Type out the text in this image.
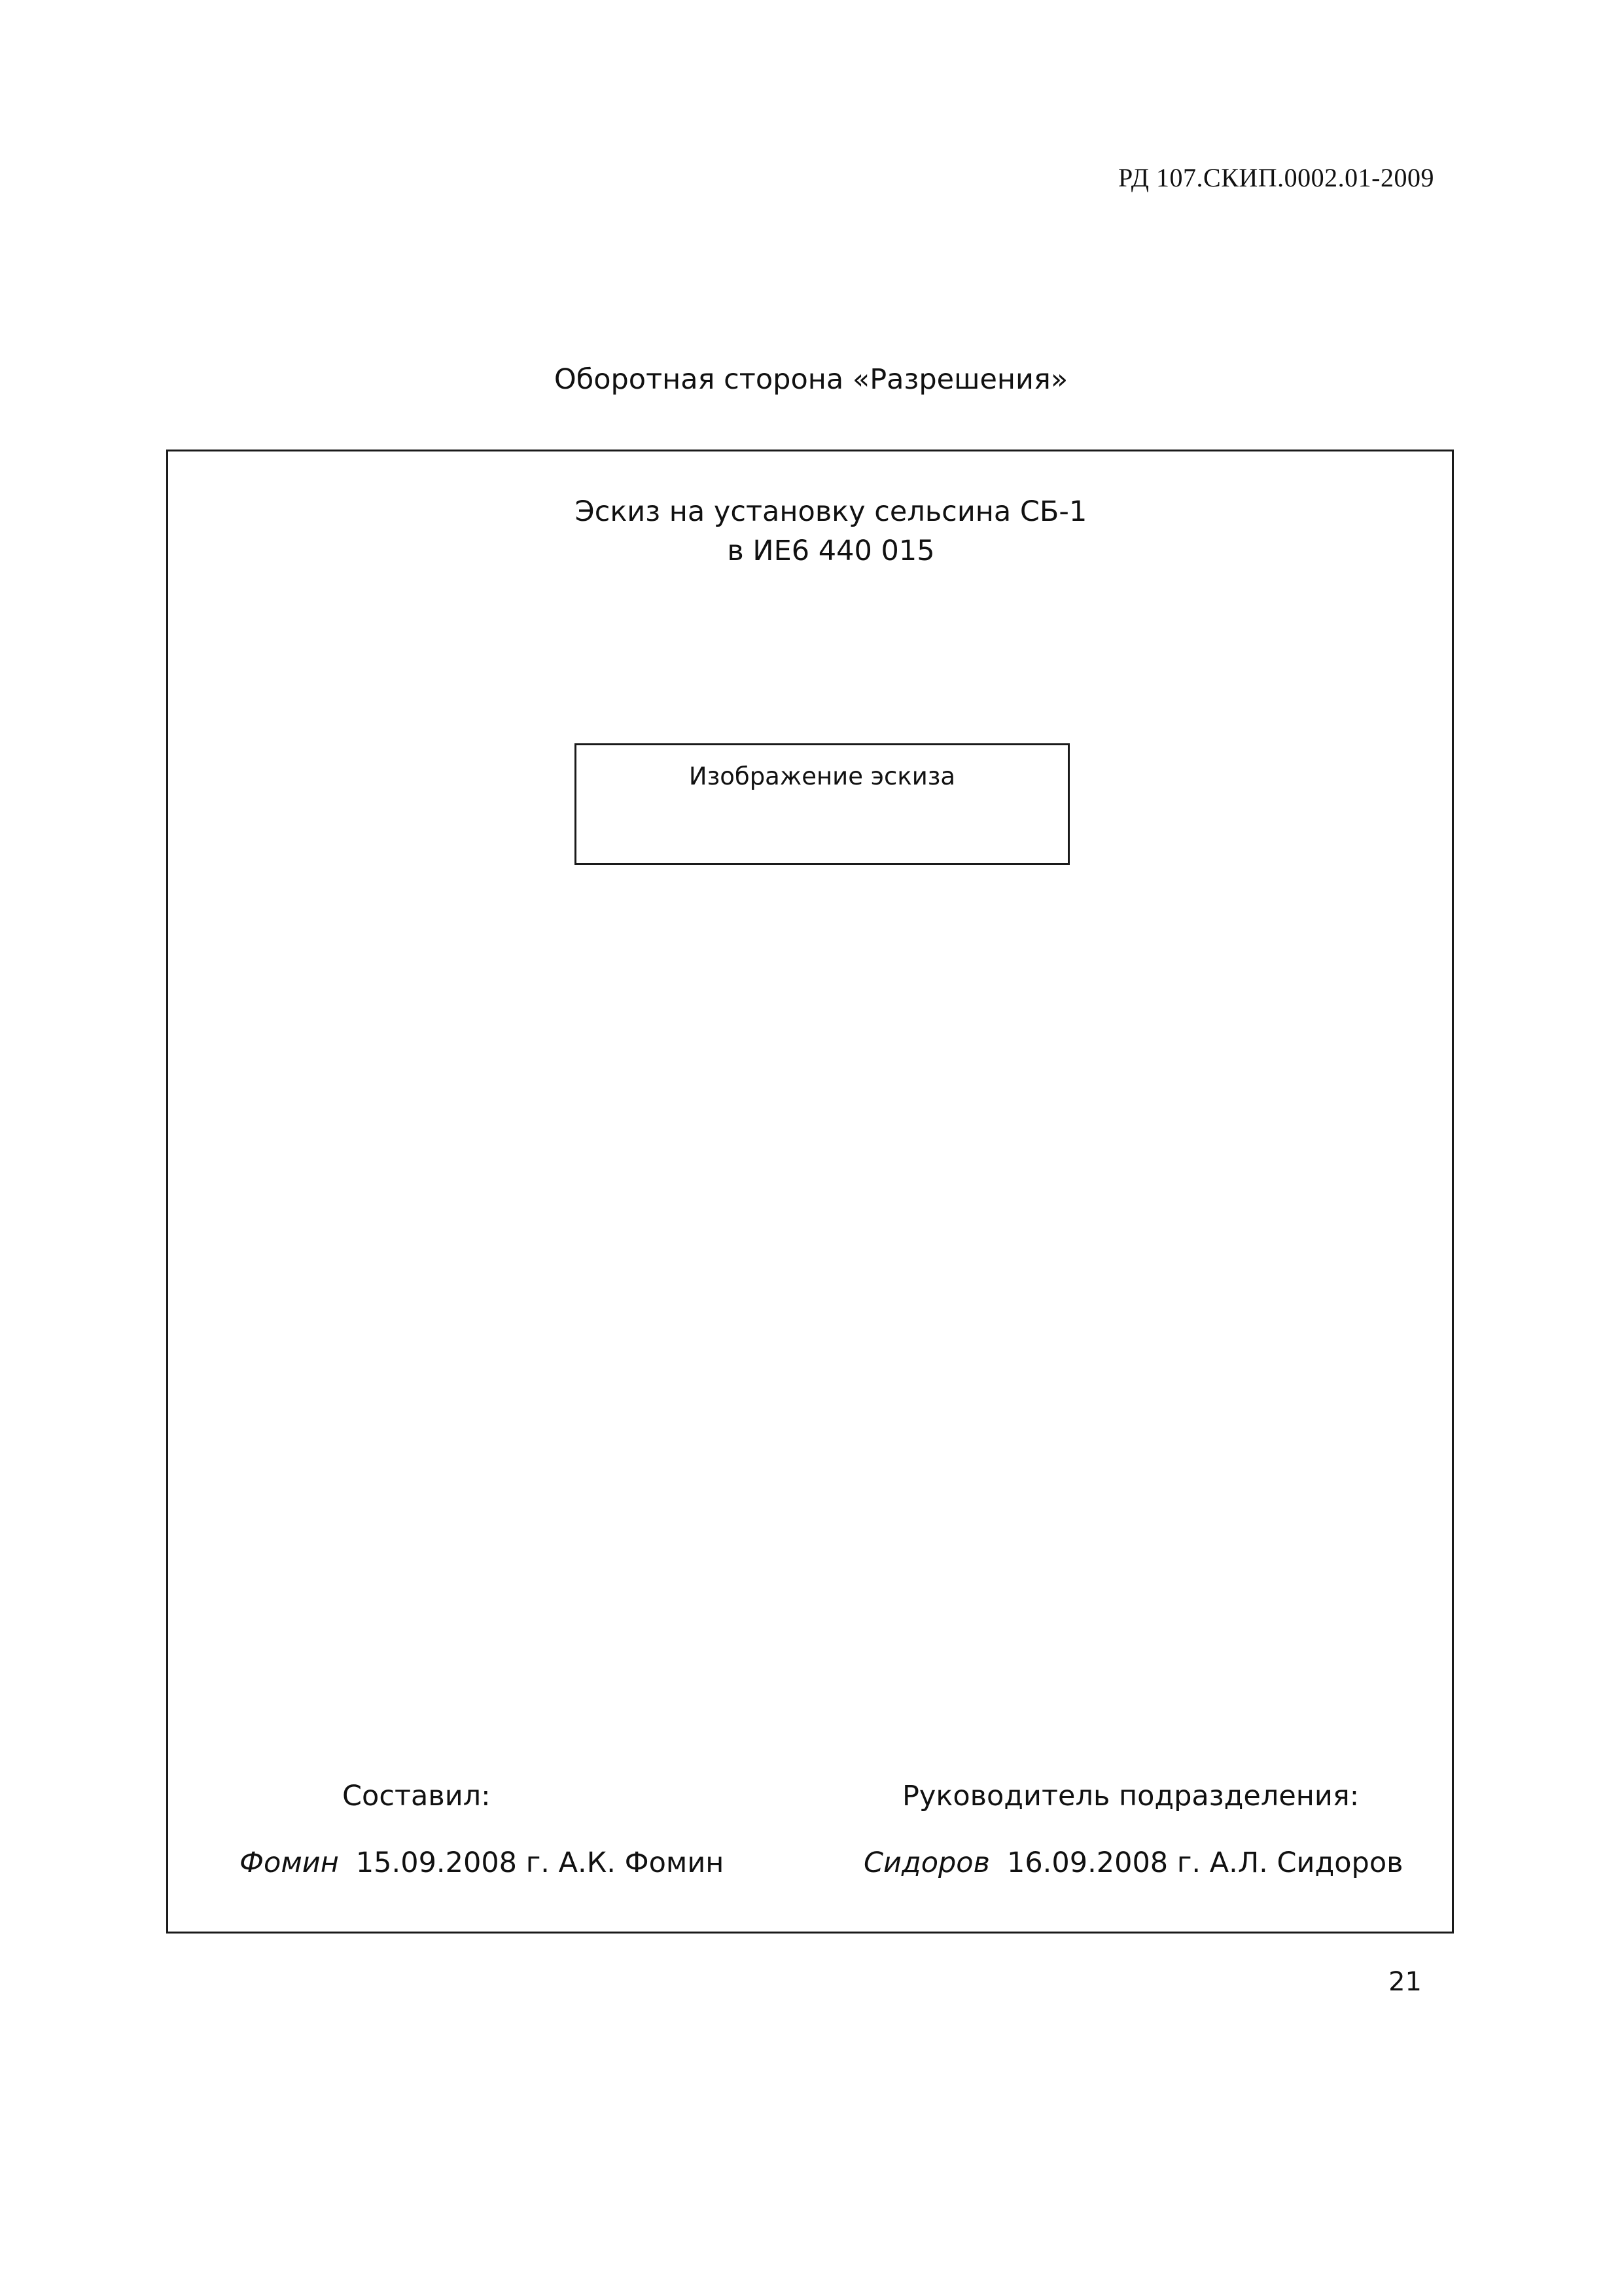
РД 107.СКИП.0002.01-2009
Оборотная сторона «Разрешения»
Эскиз на установку сельсина СБ-1
в ИЕ6 440 015
Изображение эскиза
Составил:
Фомин 15.09.2008 г. А.К. Фомин
Руководитель подразделения:
Сидоров 16.09.2008 г. А.Л. Сидоров
21
